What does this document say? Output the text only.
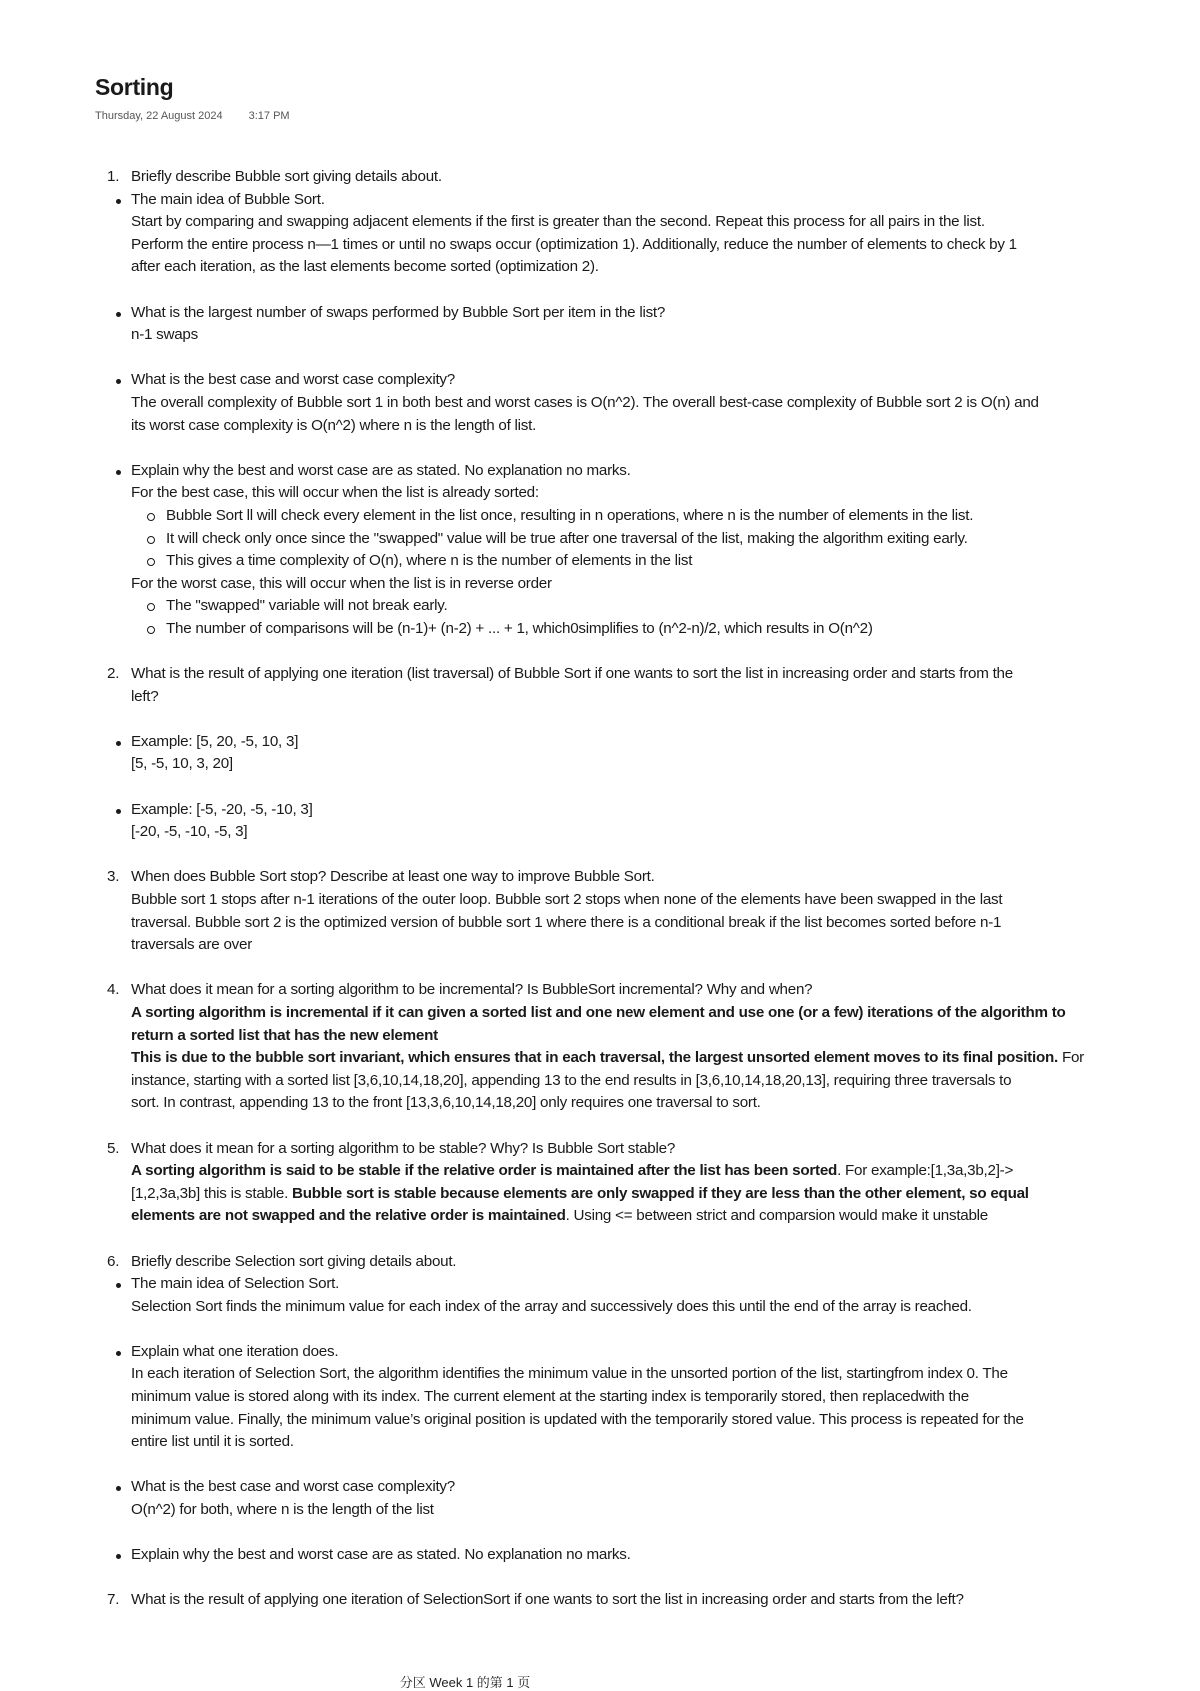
Sorting
Thursday, 22 August 2024 3:17 PM
1. Briefly describe Bubble sort giving details about.
The main idea of Bubble Sort.
Start by comparing and swapping adjacent elements if the first is greater than the second. Repeat this process for all pairs in the list.
Perform the entire process n—1 times or until no swaps occur (optimization 1). Additionally, reduce the number of elements to check by 1
after each iteration, as the last elements become sorted (optimization 2).
What is the largest number of swaps performed by Bubble Sort per item in the list?
n-1 swaps
What is the best case and worst case complexity?
The overall complexity of Bubble sort 1 in both best and worst cases is O(n^2). The overall best-case complexity of Bubble sort 2 is O(n) and
its worst case complexity is O(n^2) where n is the length of list.
Explain why the best and worst case are as stated. No explanation no marks.
For the best case, this will occur when the list is already sorted:
Bubble Sort ll will check every element in the list once, resulting in n operations, where n is the number of elements in the list.
It will check only once since the "swapped" value will be true after one traversal of the list, making the algorithm exiting early.
This gives a time complexity of O(n), where n is the number of elements in the list
For the worst case, this will occur when the list is in reverse order
The "swapped" variable will not break early.
The number of comparisons will be (n-1)+ (n-2) + ... + 1, which0simplifies to (n^2-n)/2, which results in O(n^2)
2. What is the result of applying one iteration (list traversal) of Bubble Sort if one wants to sort the list in increasing order and starts from the
left?
Example: [5, 20, -5, 10, 3]
[5, -5, 10, 3, 20]
Example: [-5, -20, -5, -10, 3]
[-20, -5, -10, -5, 3]
3. When does Bubble Sort stop? Describe at least one way to improve Bubble Sort.
Bubble sort 1 stops after n-1 iterations of the outer loop. Bubble sort 2 stops when none of the elements have been swapped in the last
traversal. Bubble sort 2 is the optimized version of bubble sort 1 where there is a conditional break if the list becomes sorted before n-1
traversals are over
4. What does it mean for a sorting algorithm to be incremental? Is BubbleSort incremental? Why and when?
A sorting algorithm is incremental if it can given a sorted list and one new element and use one (or a few) iterations of the algorithm to
return a sorted list that has the new element
This is due to the bubble sort invariant, which ensures that in each traversal, the largest unsorted element moves to its final position. For
instance, starting with a sorted list [3,6,10,14,18,20], appending 13 to the end results in [3,6,10,14,18,20,13], requiring three traversals to
sort. In contrast, appending 13 to the front [13,3,6,10,14,18,20] only requires one traversal to sort.
5. What does it mean for a sorting algorithm to be stable? Why? Is Bubble Sort stable?
A sorting algorithm is said to be stable if the relative order is maintained after the list has been sorted. For example:[1,3a,3b,2]->
[1,2,3a,3b] this is stable. Bubble sort is stable because elements are only swapped if they are less than the other element, so equal
elements are not swapped and the relative order is maintained. Using <= between strict and comparsion would make it unstable
6. Briefly describe Selection sort giving details about.
The main idea of Selection Sort.
Selection Sort finds the minimum value for each index of the array and successively does this until the end of the array is reached.
Explain what one iteration does.
In each iteration of Selection Sort, the algorithm identifies the minimum value in the unsorted portion of the list, startingfrom index 0. The
minimum value is stored along with its index. The current element at the starting index is temporarily stored, then replacedwith the
minimum value. Finally, the minimum value’s original position is updated with the temporarily stored value. This process is repeated for the
entire list until it is sorted.
What is the best case and worst case complexity?
O(n^2) for both, where n is the length of the list
Explain why the best and worst case are as stated. No explanation no marks.
7. What is the result of applying one iteration of SelectionSort if one wants to sort the list in increasing order and starts from the left?
分区 Week 1 的第 1 页
